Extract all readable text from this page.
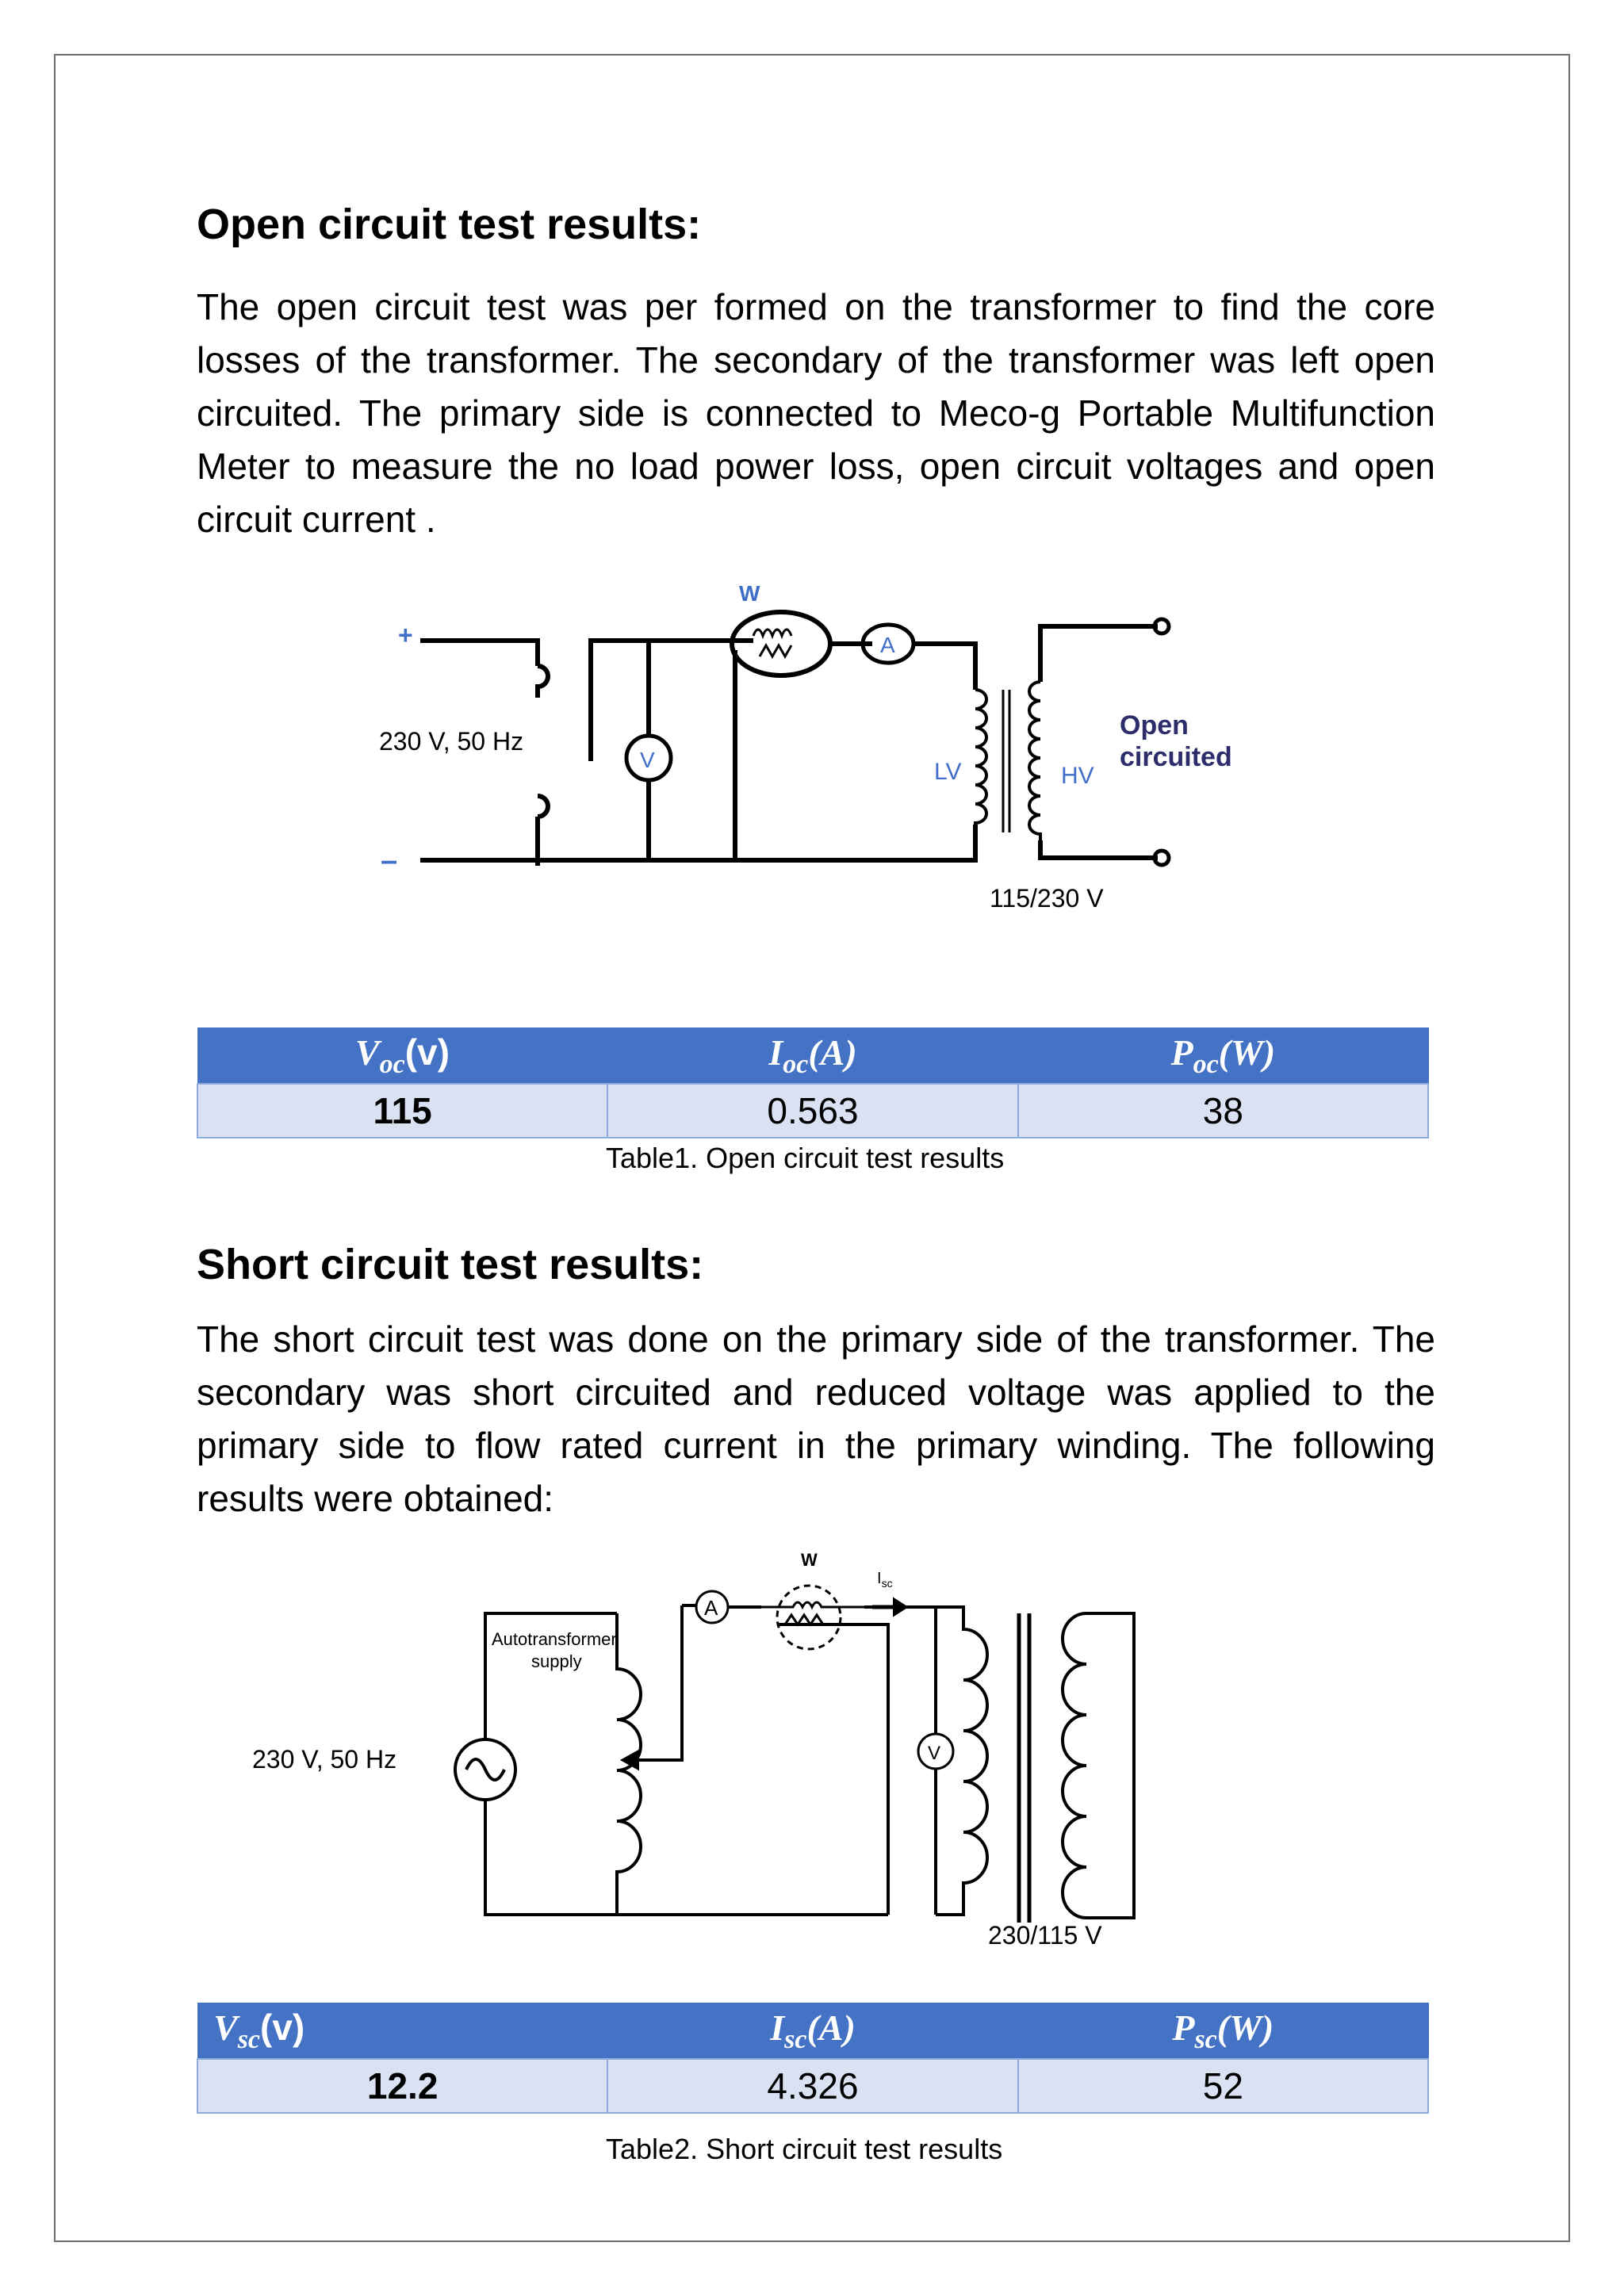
Open circuit test results:

The open circuit test was per formed on the transformer to find the core losses of the transformer. The secondary of the transformer was left open circuited. The primary side is connected to Meco-g Portable Multifunction Meter to measure the no load power loss, open circuit voltages and open circuit current .

+
–
230 V, 50 Hz
V
W
A
LV	HV
Open
circuited
115/230 V
$V_{oc}(v)$	$I_{oc}(A)$	$P_{oc}(W)$
115	0.563	38

Table1. Open circuit test results

Short circuit test results:

The short circuit test was done on the primary side of the transformer. The secondary was short circuited and reduced voltage was applied to the primary side to flow rated current in the primary winding. The following results were obtained:

230 V, 50 Hz
Autotransformer
supply
A
W
$I_{sc}$
V
230/115 V
$V_{sc}(v)$	$I_{sc}(A)$	$P_{sc}(W)$
12.2	4.326	52

Table2. Short circuit test results
